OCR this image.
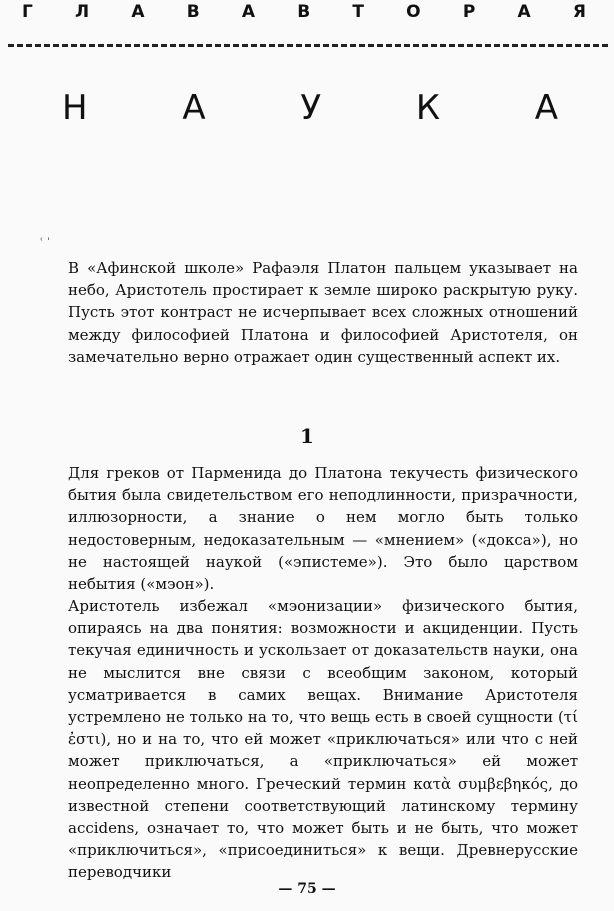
Г Л А В А В Т О Р А Я
Н	А	У	К	А
ՙ ˈ

В «Афинской школе» Рафаэля Платон пальцем указывает на небо, Аристотель простирает к земле широко раскрытую руку. Пусть этот контраст не исчерпывает всех сложных отношений между философией Платона и философией Аристотеля, он замечательно верно отражает один существенный аспект их.

1

Для греков от Парменида до Платона текучесть физического бытия была свидетельством его неподлинности, призрачности, иллюзорности, а знание о нем могло быть только недостоверным, недоказательным — «мнением» («докса»), но не настоящей наукой («эпистеме»). Это было царством небытия («мэон»).

Аристотель избежал «мэонизации» физического бытия, опираясь на два понятия: возможности и акциденции. Пусть текучая единичность и ускользает от доказательств науки, она не мыслится вне связи с всеобщим законом, который усматривается в самих вещах. Внимание Аристотеля устремлено не только на то, что вещь есть в своей сущности (τί ἐστι), но и на то, что ей может «приключаться» или что с ней может приключаться, а «приключаться» ей может неопределенно много. Греческий термин κατὰ συμβεβηκός, до известной степени соответствующий латинскому термину accidens, означает то, что может быть и не быть, что может «приключиться», «присоединиться» к вещи. Древнерусские переводчики

— 75 —
